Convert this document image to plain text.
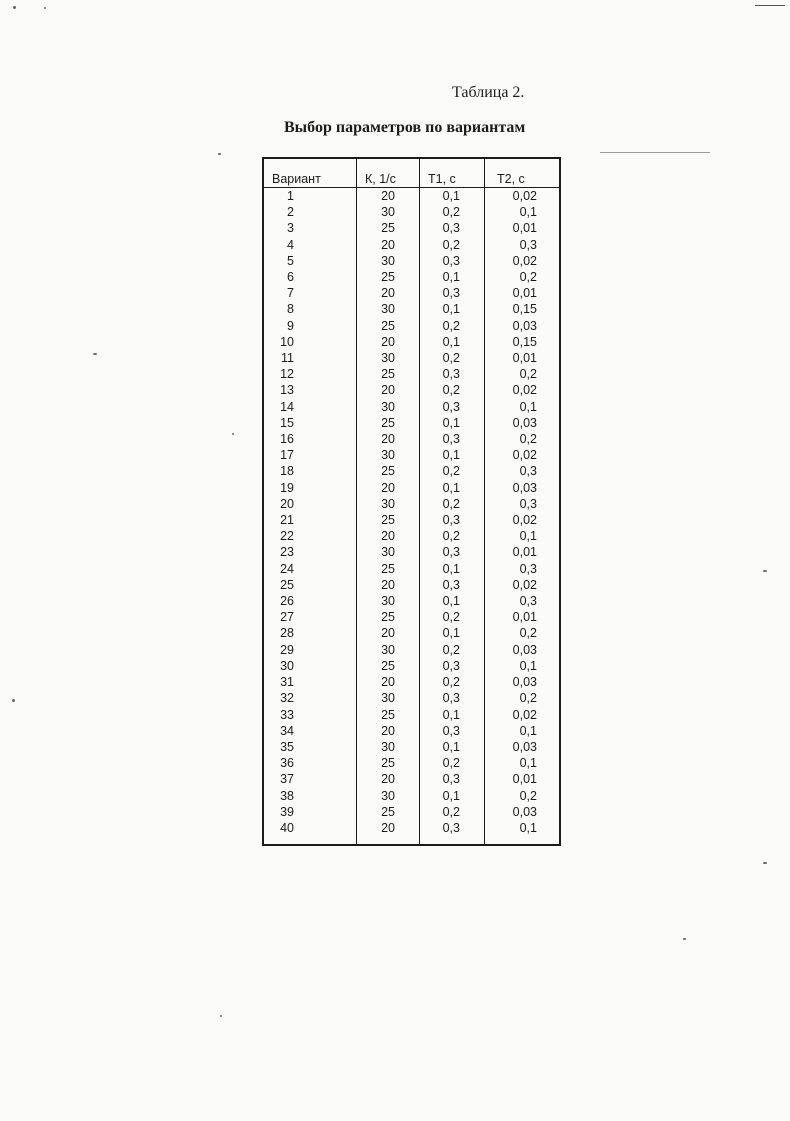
Таблица 2.
Выбор параметров по вариантам
Вариант	К, 1/с	Т1, с	Т2, с
1	20	0,1	0,02
2	30	0,2	0,1
3	25	0,3	0,01
4	20	0,2	0,3
5	30	0,3	0,02
6	25	0,1	0,2
7	20	0,3	0,01
8	30	0,1	0,15
9	25	0,2	0,03
10	20	0,1	0,15
11	30	0,2	0,01
12	25	0,3	0,2
13	20	0,2	0,02
14	30	0,3	0,1
15	25	0,1	0,03
16	20	0,3	0,2
17	30	0,1	0,02
18	25	0,2	0,3
19	20	0,1	0,03
20	30	0,2	0,3
21	25	0,3	0,02
22	20	0,2	0,1
23	30	0,3	0,01
24	25	0,1	0,3
25	20	0,3	0,02
26	30	0,1	0,3
27	25	0,2	0,01
28	20	0,1	0,2
29	30	0,2	0,03
30	25	0,3	0,1
31	20	0,2	0,03
32	30	0,3	0,2
33	25	0,1	0,02
34	20	0,3	0,1
35	30	0,1	0,03
36	25	0,2	0,1
37	20	0,3	0,01
38	30	0,1	0,2
39	25	0,2	0,03
40	20	0,3	0,1
